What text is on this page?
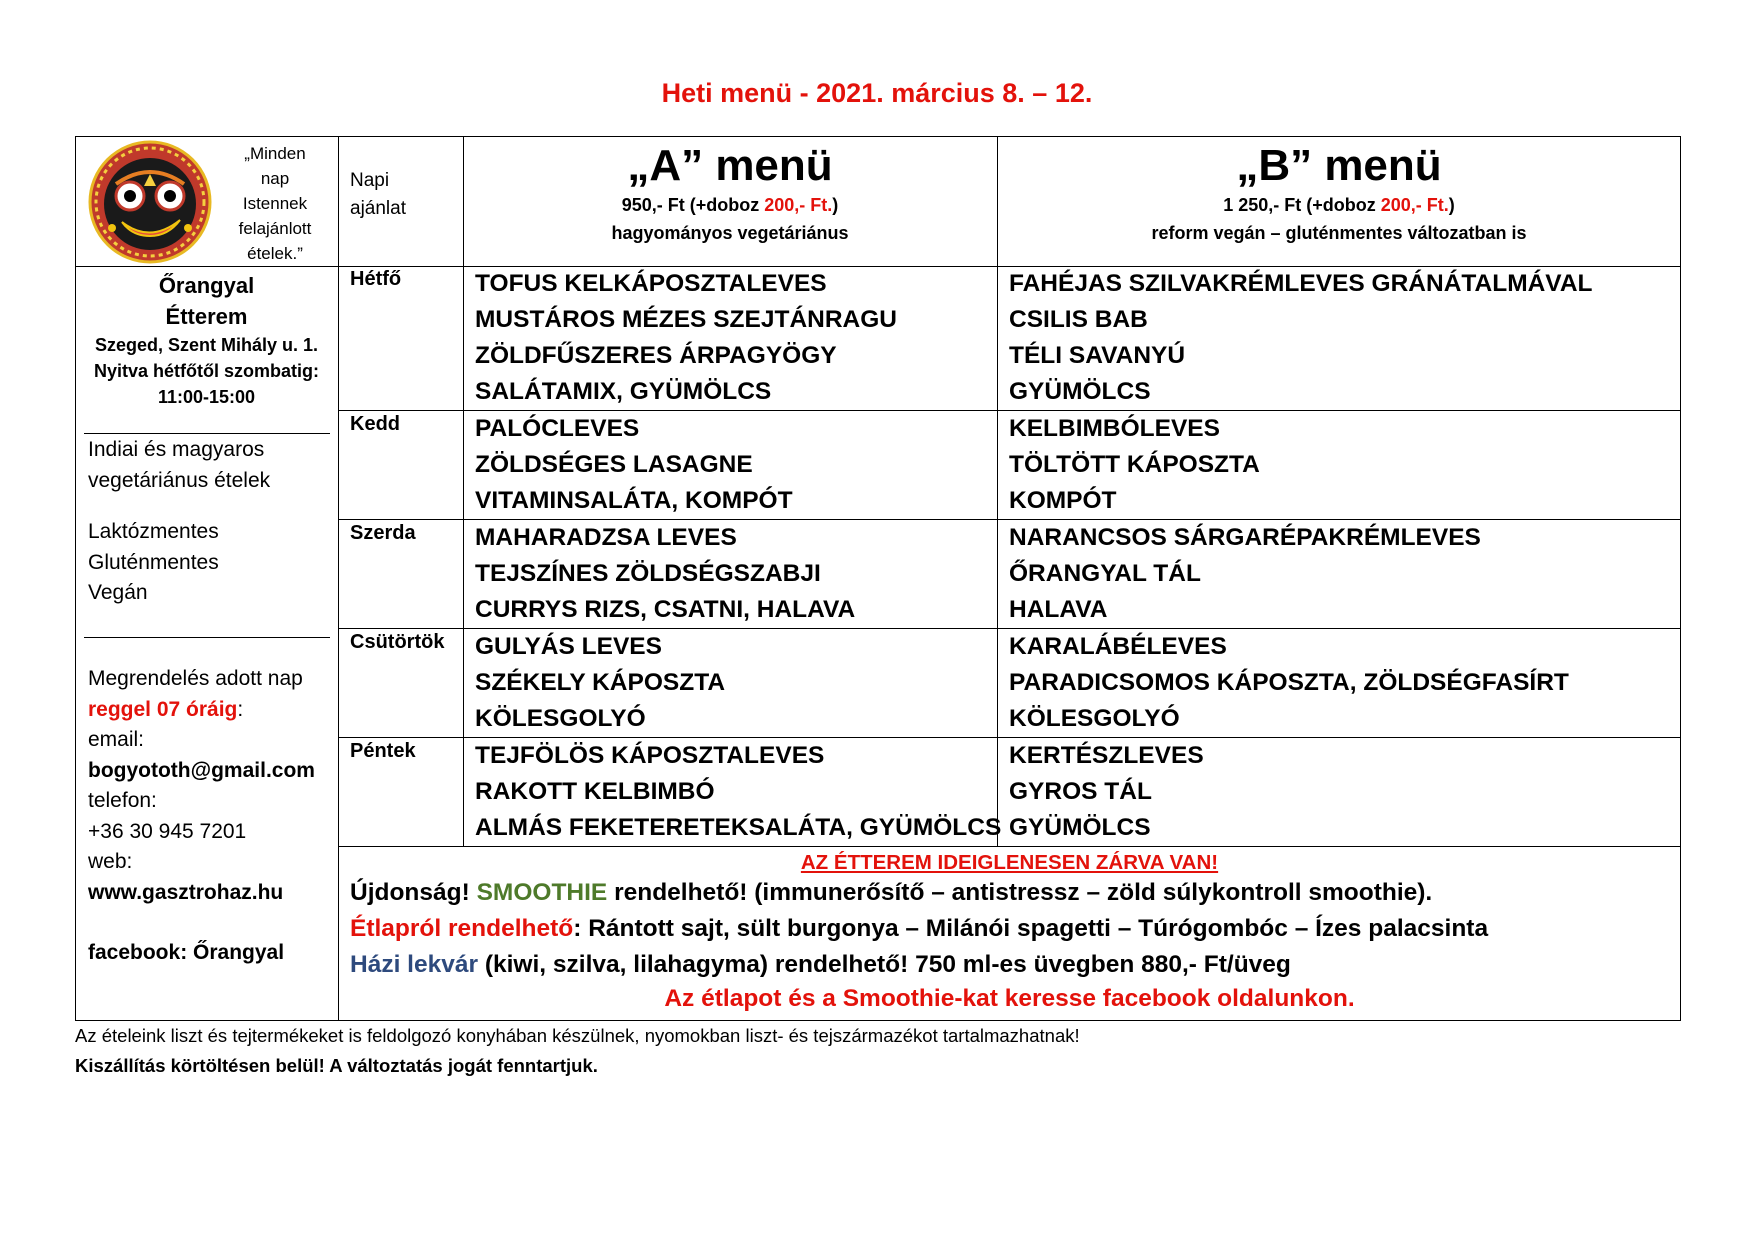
Heti menü - 2021. március 8. – 12.
„Minden
nap
Istennek
felajánlott
ételek.”
Napi
ajánlat
„A” menü
950,- Ft (+doboz 200,- Ft.)
hagyományos vegetáriánus
„B” menü
1 250,- Ft (+doboz 200,- Ft.)
reform vegán – gluténmentes változatban is
Őrangyal
Étterem
Szeged, Szent Mihály u. 1.
Nyitva hétfőtől szombatig:
11:00-15:00
Indiai és magyaros
vegetáriánus ételek
Laktózmentes
Gluténmentes
Vegán
Megrendelés adott nap
reggel 07 óráig:
email:
bogyototh@gmail.com
telefon:
+36 30 945 7201
web:
www.gasztrohaz.hu
facebook: Őrangyal
Hétfő	TOFUS KELKÁPOSZTALEVES
MUSTÁROS MÉZES SZEJTÁNRAGU
ZÖLDFŰSZERES ÁRPAGYÖGY
SALÁTAMIX, GYÜMÖLCS
FAHÉJAS SZILVAKRÉMLEVES GRÁNÁTALMÁVAL
CSILIS BAB
TÉLI SAVANYÚ
GYÜMÖLCS
Kedd	PALÓCLEVES
ZÖLDSÉGES LASAGNE
VITAMINSALÁTA, KOMPÓT
KELBIMBÓLEVES
TÖLTÖTT KÁPOSZTA
KOMPÓT
Szerda MAHARADZSA LEVES
TEJSZÍNES ZÖLDSÉGSZABJI
CURRYS RIZS, CSATNI, HALAVA
NARANCSOS SÁRGARÉPAKRÉMLEVES
ŐRANGYAL TÁL
HALAVA
Csütörtök GULYÁS LEVES
SZÉKELY KÁPOSZTA
KÖLESGOLYÓ
KARALÁBÉLEVES
PARADICSOMOS KÁPOSZTA, ZÖLDSÉGFASÍRT
KÖLESGOLYÓ
Péntek TEJFÖLÖS KÁPOSZTALEVES
RAKOTT KELBIMBÓ
ALMÁS FEKETERETEKSALÁTA, GYÜMÖLCS
KERTÉSZLEVES
GYROS TÁL
GYÜMÖLCS
AZ ÉTTEREM IDEIGLENESEN ZÁRVA VAN!
Újdonság! SMOOTHIE rendelhető! (immunerősítő – antistressz – zöld súlykontroll smoothie).
Étlapról rendelhető: Rántott sajt, sült burgonya – Milánói spagetti – Túrógombóc – Ízes palacsinta
Házi lekvár (kiwi, szilva, lilahagyma) rendelhető! 750 ml-es üvegben 880,- Ft/üveg
Az étlapot és a Smoothie-kat keresse facebook oldalunkon.
Az ételeink liszt és tejtermékeket is feldolgozó konyhában készülnek, nyomokban liszt- és tejszármazékot tartalmazhatnak!
Kiszállítás körtöltésen belül! A változtatás jogát fenntartjuk.
